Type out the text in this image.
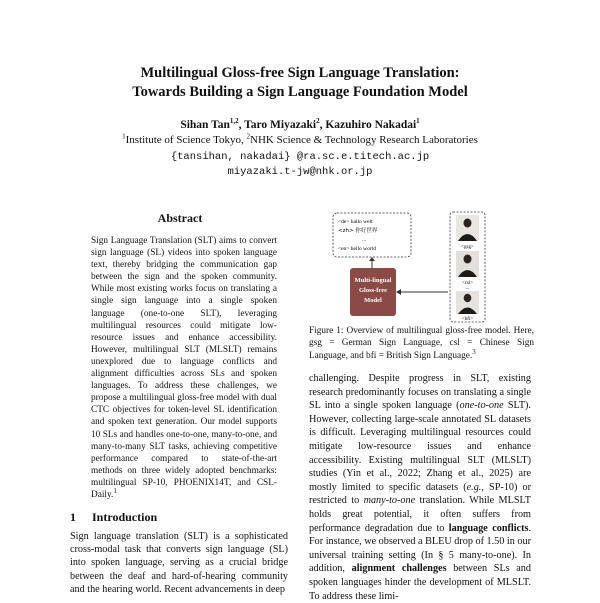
Multilingual Gloss-free Sign Language Translation:
Towards Building a Sign Language Foundation Model
Sihan Tan$^{1,2}$, Taro Miyazaki$^2$, Kazuhiro Nakadai$^1$
$^1$Institute of Science Tokyo, $^2$NHK Science & Technology Research Laboratories
{tansihan, nakadai} @ra.sc.e.titech.ac.jp
miyazaki.t-jw@nhk.or.jp
Abstract
Sign Language Translation (SLT) aims to convert sign language (SL) videos into spoken language text, thereby bridging the communication gap between the sign and the spoken community. While most existing works focus on translating a single sign language into a single spoken language (one-to-one SLT), leveraging multilingual resources could mitigate low-resource issues and enhance accessibility. However, multilingual SLT (MLSLT) remains unexplored due to language conflicts and alignment difficulties across SLs and spoken languages. To address these challenges, we propose a multilingual gloss-free model with dual CTC objectives for token-level SL identification and spoken text generation. Our model supports 10 SLs and handles one-to-one, many-to-one, and many-to-many SLT tasks, achieving competitive performance compared to state-of-the-art methods on three widely adopted benchmarks: multilingual SP-10, PHOENIX14T, and CSL-Daily.$^1$
1 Introduction
Sign language translation (SLT) is a sophisticated cross-modal task that converts sign language (SL) into spoken language, serving as a crucial bridge between the deaf and hard-of-hearing community and the hearing world. Recent advancements in deep
<de> hallo welt
<zh> 你好世界
...
<en> hello world
Multi-lingual
Gloss-free
Model
<gsg>
<csl>
...
<bfi>
Figure 1: Overview of multilingual gloss-free model. Here, gsg = German Sign Language, csl = Chinese Sign Language, and bfi = British Sign Language.$^3$
challenging. Despite progress in SLT, existing research predominantly focuses on translating a single SL into a single spoken language (one-to-one SLT). However, collecting large-scale annotated SL datasets is difficult. Leveraging multilingual resources could mitigate low-resource issues and enhance accessibility. Existing multilingual SLT (MLSLT) studies (Yin et al., 2022; Zhang et al., 2025) are mostly limited to specific datasets (e.g., SP-10) or restricted to many-to-one translation. While MLSLT holds great potential, it often suffers from performance degradation due to language conflicts. For instance, we observed a BLEU drop of 1.50 in our universal training setting (In § 5 many-to-one). In addition, alignment challenges between SLs and spoken languages hinder the development of MLSLT. To address these limi-
